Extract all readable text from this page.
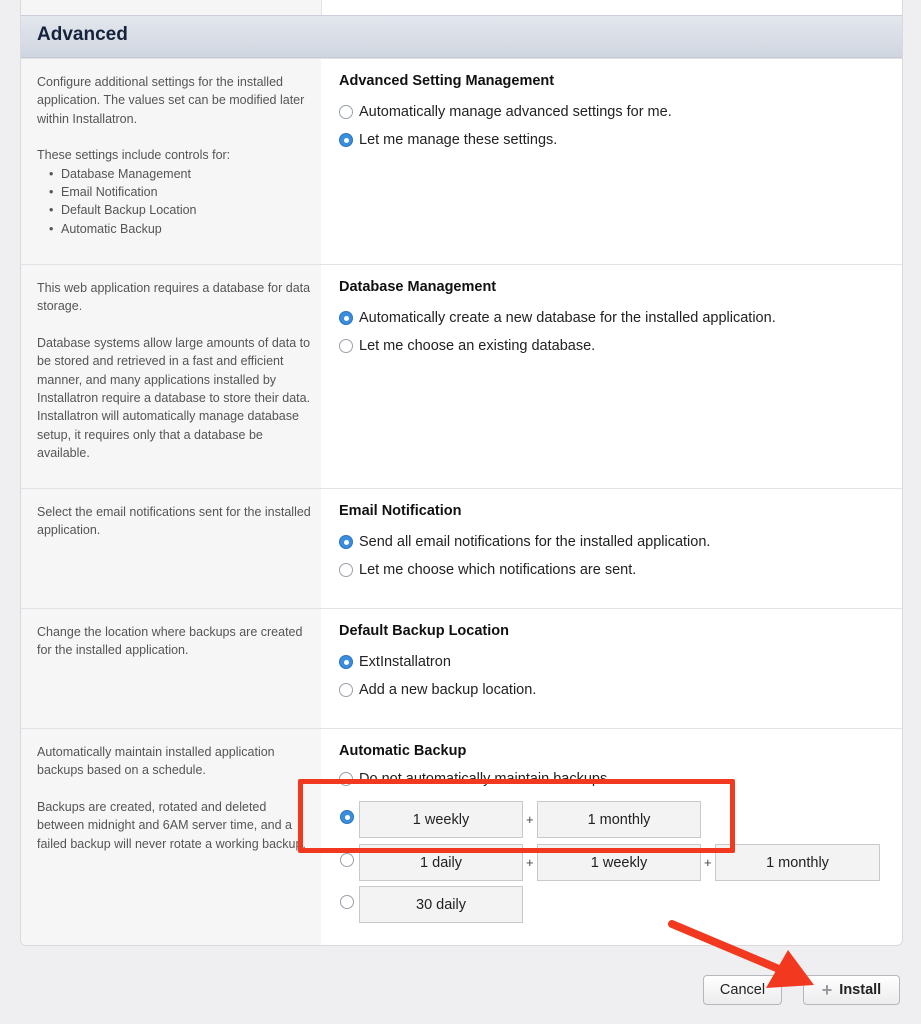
Advanced

Configure additional settings for the installed application. The values set can be modified later within Installatron.

These settings include controls for:

• Database Management
• Email Notification
• Default Backup Location
• Automatic Backup
Advanced Setting Management
Automatically manage advanced settings for me.
Let me manage these settings.

This web application requires a database for data storage.

Database systems allow large amounts of data to be stored and retrieved in a fast and efficient manner, and many applications installed by Installatron require a database to store their data. Installatron will automatically manage database setup, it requires only that a database be available.

Database Management
Automatically create a new database for the installed application.
Let me choose an existing database.

Select the email notifications sent for the installed application.

Email Notification
Send all email notifications for the installed application.
Let me choose which notifications are sent.

Change the location where backups are created for the installed application.

Default Backup Location
ExtInstallatron
Add a new backup location.

Automatically maintain installed application backups based on a schedule.

Backups are created, rotated and deleted between midnight and 6AM server time, and a failed backup will never rotate a working backup.

Automatic Backup
Do not automatically maintain backups.
1 weekly	+	1 monthly
1 daily	+	1 weekly	+	1 monthly
30 daily
Cancel	+ Install
